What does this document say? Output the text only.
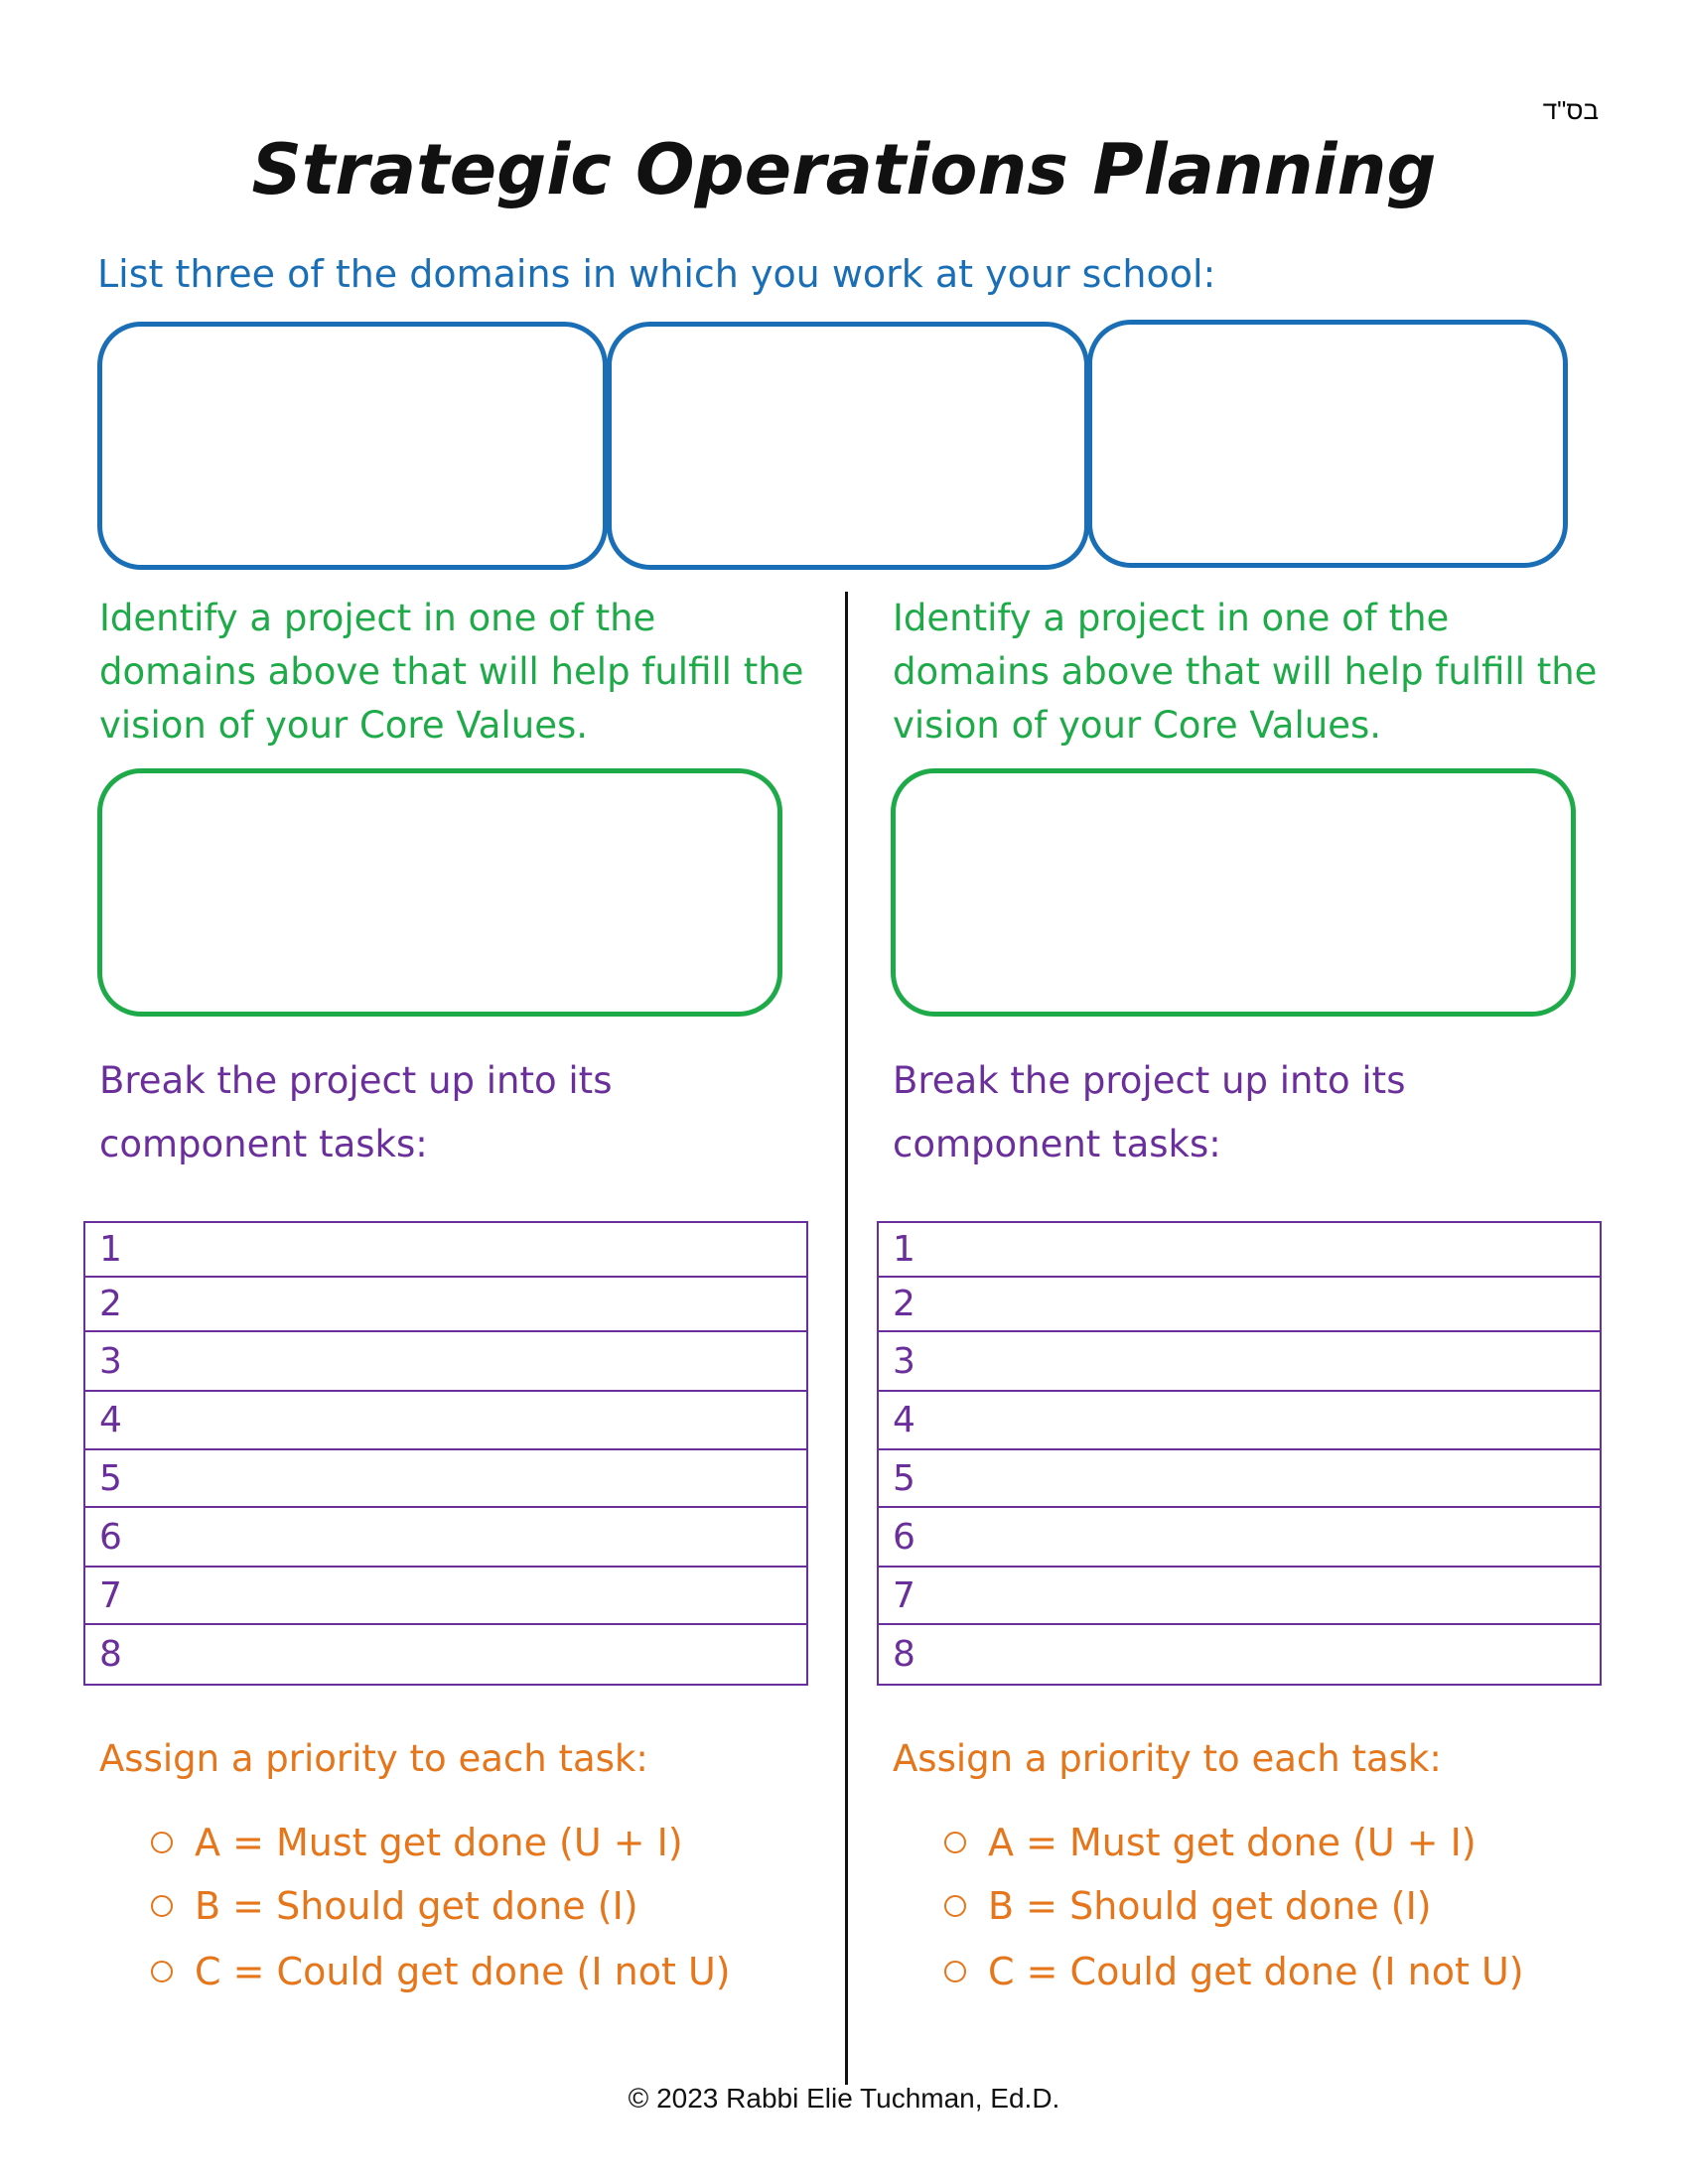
בס"ד
Strategic Operations Planning
List three of the domains in which you work at your school:
Identify a project in one of the domains above that will help fulfill the vision of your Core Values.
Break the project up into its component tasks:
1
2
3
4
5
6
7
8
Assign a priority to each task:
A = Must get done (U + I)
B = Should get done (I)
C = Could get done (I not U)
Identify a project in one of the domains above that will help fulfill the vision of your Core Values.
Break the project up into its component tasks:
1
2
3
4
5
6
7
8
Assign a priority to each task:
A = Must get done (U + I)
B = Should get done (I)
C = Could get done (I not U)
© 2023 Rabbi Elie Tuchman, Ed.D.
